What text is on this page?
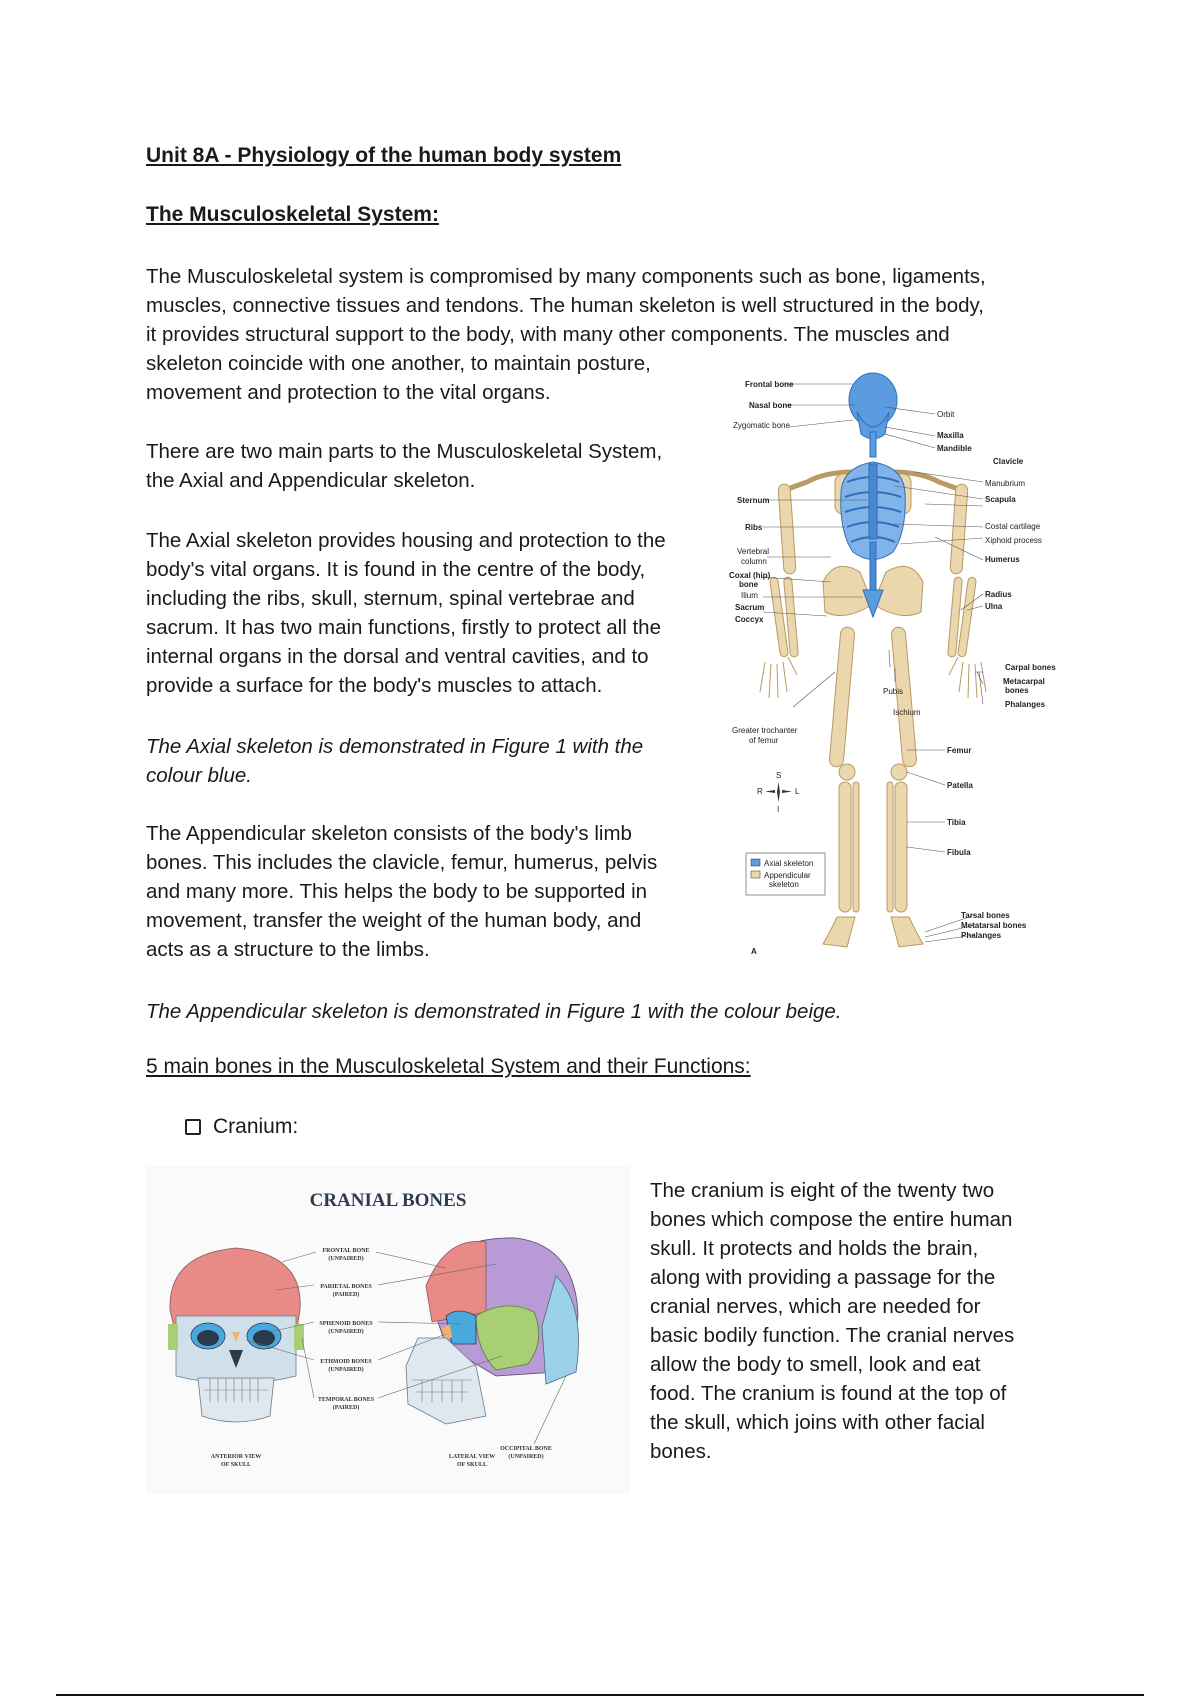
Unit 8A - Physiology of the human body system
The Musculoskeletal System:

The Musculoskeletal system is compromised by many components such as bone, ligaments,

muscles, connective tissues and tendons. The human skeleton is well structured in the body,

it provides structural support to the body, with many other components. The muscles and

skeleton coincide with one another, to maintain posture,

movement and protection to the vital organs.

There are two main parts to the Musculoskeletal System,

the Axial and Appendicular skeleton.

The Axial skeleton provides housing and protection to the

body's vital organs. It is found in the centre of the body,

including the ribs, skull, sternum, spinal vertebrae and

sacrum. It has two main functions, firstly to protect all the

internal organs in the dorsal and ventral cavities, and to

provide a surface for the body's muscles to attach.

The Axial skeleton is demonstrated in Figure 1 with the

colour blue.

The Appendicular skeleton consists of the body's limb

bones. This includes the clavicle, femur, humerus, pelvis

and many more. This helps the body to be supported in

movement, transfer the weight of the human body, and

acts as a structure to the limbs.

The Appendicular skeleton is demonstrated in Figure 1 with the colour beige.

5 main bones in the Musculoskeletal System and their Functions:
Cranium:

The cranium is eight of the twenty two

bones which compose the entire human

skull. It protects and holds the brain,

along with providing a passage for the

cranial nerves, which are needed for

basic bodily function. The cranial nerves

allow the body to smell, look and eat

food. The cranium is found at the top of

the skull, which joins with other facial

bones.

Frontal bone
Nasal bone
Zygomatic bone
Sternum
Ribs
Vertebral
column
Coxal (hip)
bone
Ilium
Sacrum
Coccyx
Greater trochanter
of femur
Orbit
Maxilla
Mandible
Clavicle
Manubrium
Scapula
Costal cartilage
Xiphoid process
Humerus
Radius
Ulna
Carpal bones
Metacarpal
bones
Phalanges
Femur
Patella
Tibia
Fibula
Tarsal bones
Metatarsal bones
Phalanges
Pubis
Ischium
S
I
R	L
Axial skeleton
Appendicular
skeleton
A
CRANIAL BONES
FRONTAL BONE
(UNPAIRED)
PARIETAL BONES
(PAIRED)
SPHENOID BONES
(UNPAIRED)
ETHMOID BONES
(UNPAIRED)
TEMPORAL BONES
(PAIRED)
OCCIPITAL BONE
(UNPAIRED)
ANTERIOR VIEW
OF SKULL
LATERAL VIEW
OF SKULL
